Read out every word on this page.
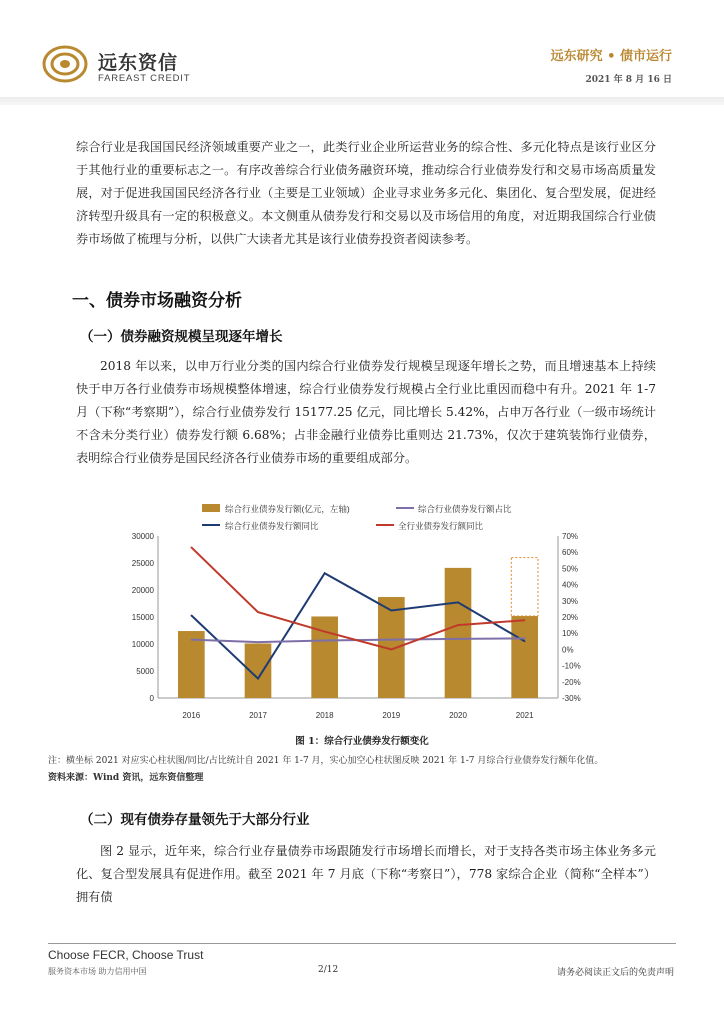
远东资信
FAREAST CREDIT
远东研究 • 债市运行
2021 年 8 月 16 日
综合行业是我国国民经济领域重要产业之一，此类行业企业所运营业务的综合性、多元化特点是该行业区分于其他行业的重要标志之一。有序改善综合行业债务融资环境，推动综合行业债券发行和交易市场高质量发展，对于促进我国国民经济各行业（主要是工业领域）企业寻求业务多元化、集团化、复合型发展，促进经济转型升级具有一定的积极意义。本文侧重从债券发行和交易以及市场信用的角度，对近期我国综合行业债券市场做了梳理与分析，以供广大读者尤其是该行业债券投资者阅读参考。
一、债券市场融资分析
（一）债券融资规模呈现逐年增长
2018 年以来，以申万行业分类的国内综合行业债券发行规模呈现逐年增长之势，而且增速基本上持续快于申万各行业债券市场规模整体增速，综合行业债券发行规模占全行业比重因而稳中有升。2021 年 1-7 月（下称“考察期”），综合行业债券发行 15177.25 亿元，同比增长 5.42%，占申万各行业（一级市场统计不含未分类行业）债券发行额 6.68%；占非金融行业债券比重则达 21.73%，仅次于建筑装饰行业债券，表明综合行业债券是国民经济各行业债券市场的重要组成部分。
综合行业债券发行额(亿元，左轴)	综合行业债券发行额占比
综合行业债券发行额同比	全行业债券发行额同比
0
5000
10000
15000
20000
25000
30000
-30%
-20%
-10%
0%
10%
20%
30%
40%
50%
60%
70%
2016	2017	2018	2019	2020	2021
图 1：综合行业债券发行额变化
注：横坐标 2021 对应实心柱状图/同比/占比统计自 2021 年 1-7 月，实心加空心柱状图反映 2021 年 1-7 月综合行业债券发行额年化值。
资料来源：Wind 资讯，远东资信整理
（二）现有债券存量领先于大部分行业
图 2 显示，近年来，综合行业存量债券市场跟随发行市场增长而增长，对于支持各类市场主体业务多元化、复合型发展具有促进作用。截至 2021 年 7 月底（下称“考察日”），778 家综合企业（简称“全样本”）拥有债
Choose FECR, Choose Trust
服务资本市场 助力信用中国	2/12	请务必阅读正文后的免责声明
